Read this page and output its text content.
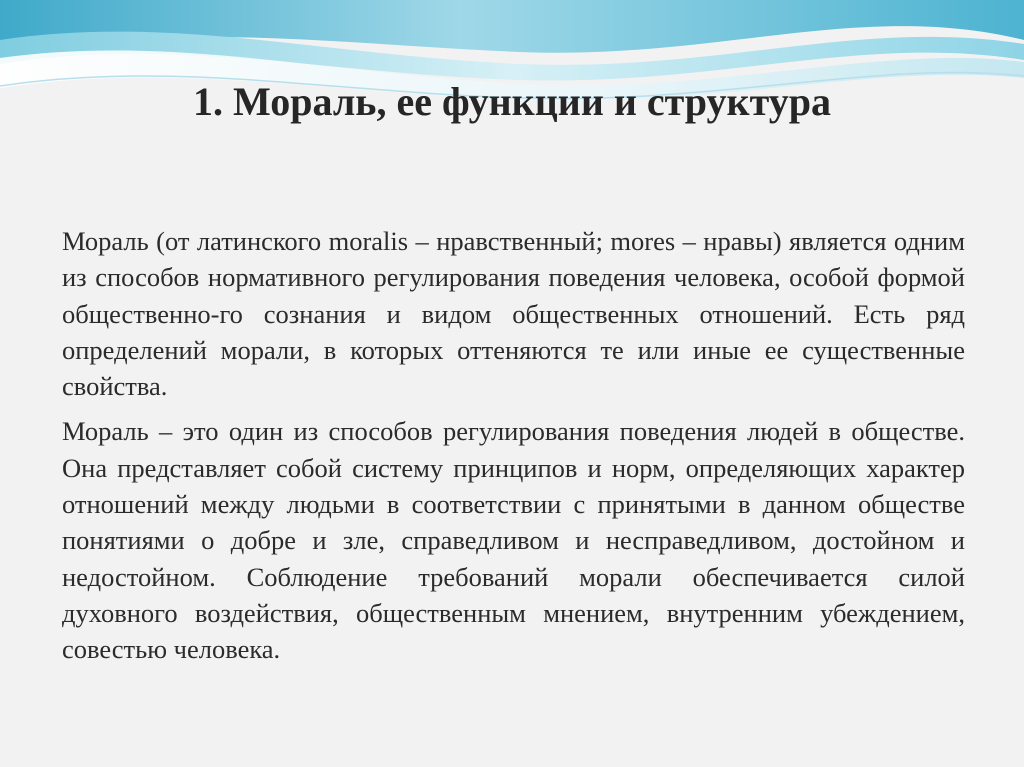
1. Мораль, ее функции и структура

Мораль (от латинского moralis – нравственный; mores – нравы) является одним из способов нормативного регулирования поведения человека, особой формой общественно-го сознания и видом общественных отношений. Есть ряд определений морали, в которых оттеняются те или иные ее существенные свойства.

Мораль – это один из способов регулирования поведения людей в обществе. Она представляет собой систему принципов и норм, определяющих характер отношений между людьми в соответствии с принятыми в данном обществе понятиями о добре и зле, справедливом и несправедливом, достойном и недостойном. Соблюдение требований морали обеспечивается силой духовного воздействия, общественным мнением, внутренним убеждением, совестью человека.
